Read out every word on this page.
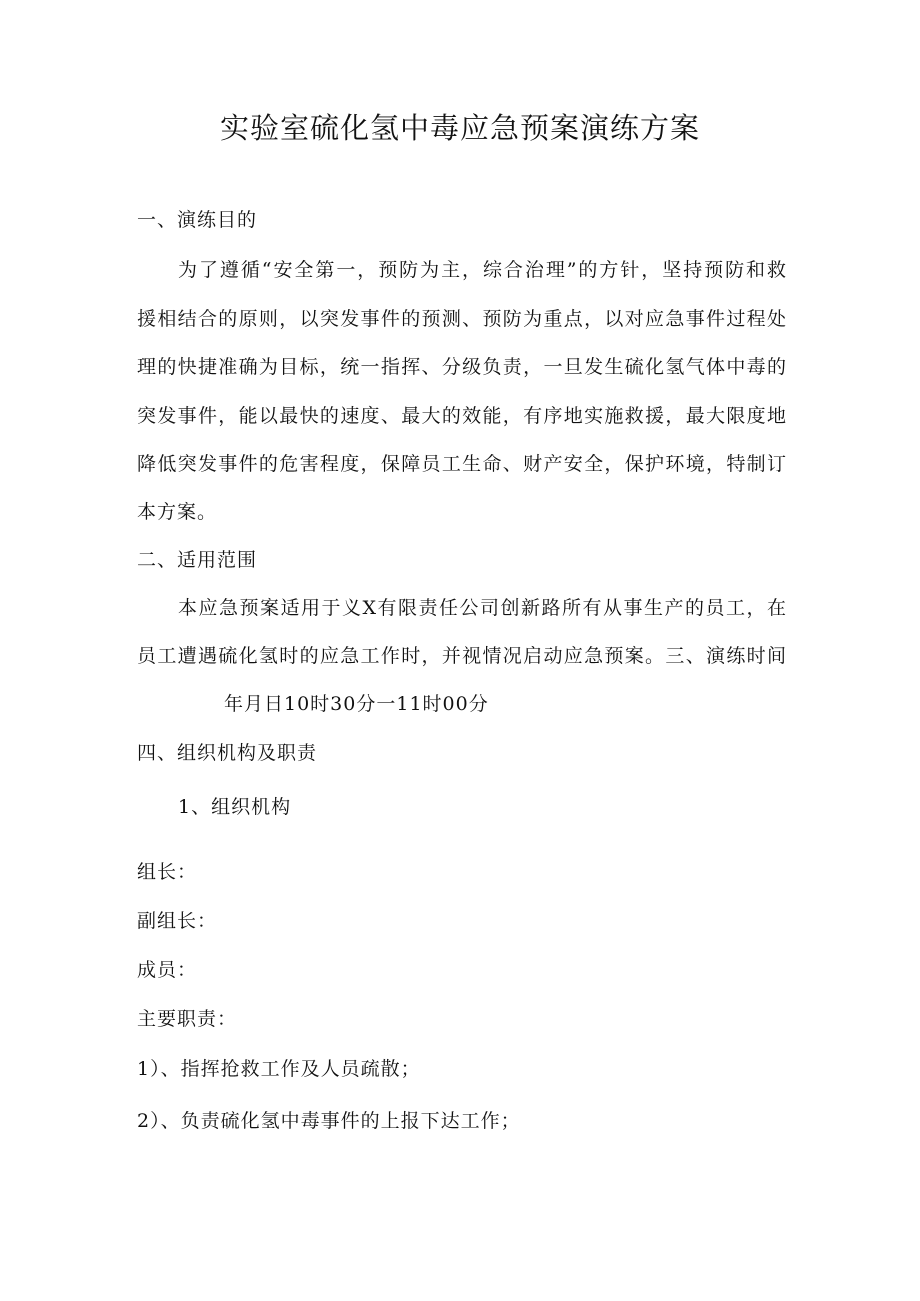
实验室硫化氢中毒应急预案演练方案
一、演练目的
为了遵循“安全第一，预防为主，综合治理”的方针，坚持预防和救
援相结合的原则，以突发事件的预测、预防为重点，以对应急事件过程处
理的快捷准确为目标，统一指挥、分级负责，一旦发生硫化氢气体中毒的
突发事件，能以最快的速度、最大的效能，有序地实施救援，最大限度地
降低突发事件的危害程度，保障员工生命、财产安全，保护环境，特制订
本方案。
二、适用范围
本应急预案适用于义X有限责任公司创新路所有从事生产的员工，在
员工遭遇硫化氢时的应急工作时，并视情况启动应急预案。三、演练时间
年月日10时30分一11时00分
四、组织机构及职责
1、组织机构
组长：
副组长：
成员：
主要职责：
1）、指挥抢救工作及人员疏散；
2）、负责硫化氢中毒事件的上报下达工作；
